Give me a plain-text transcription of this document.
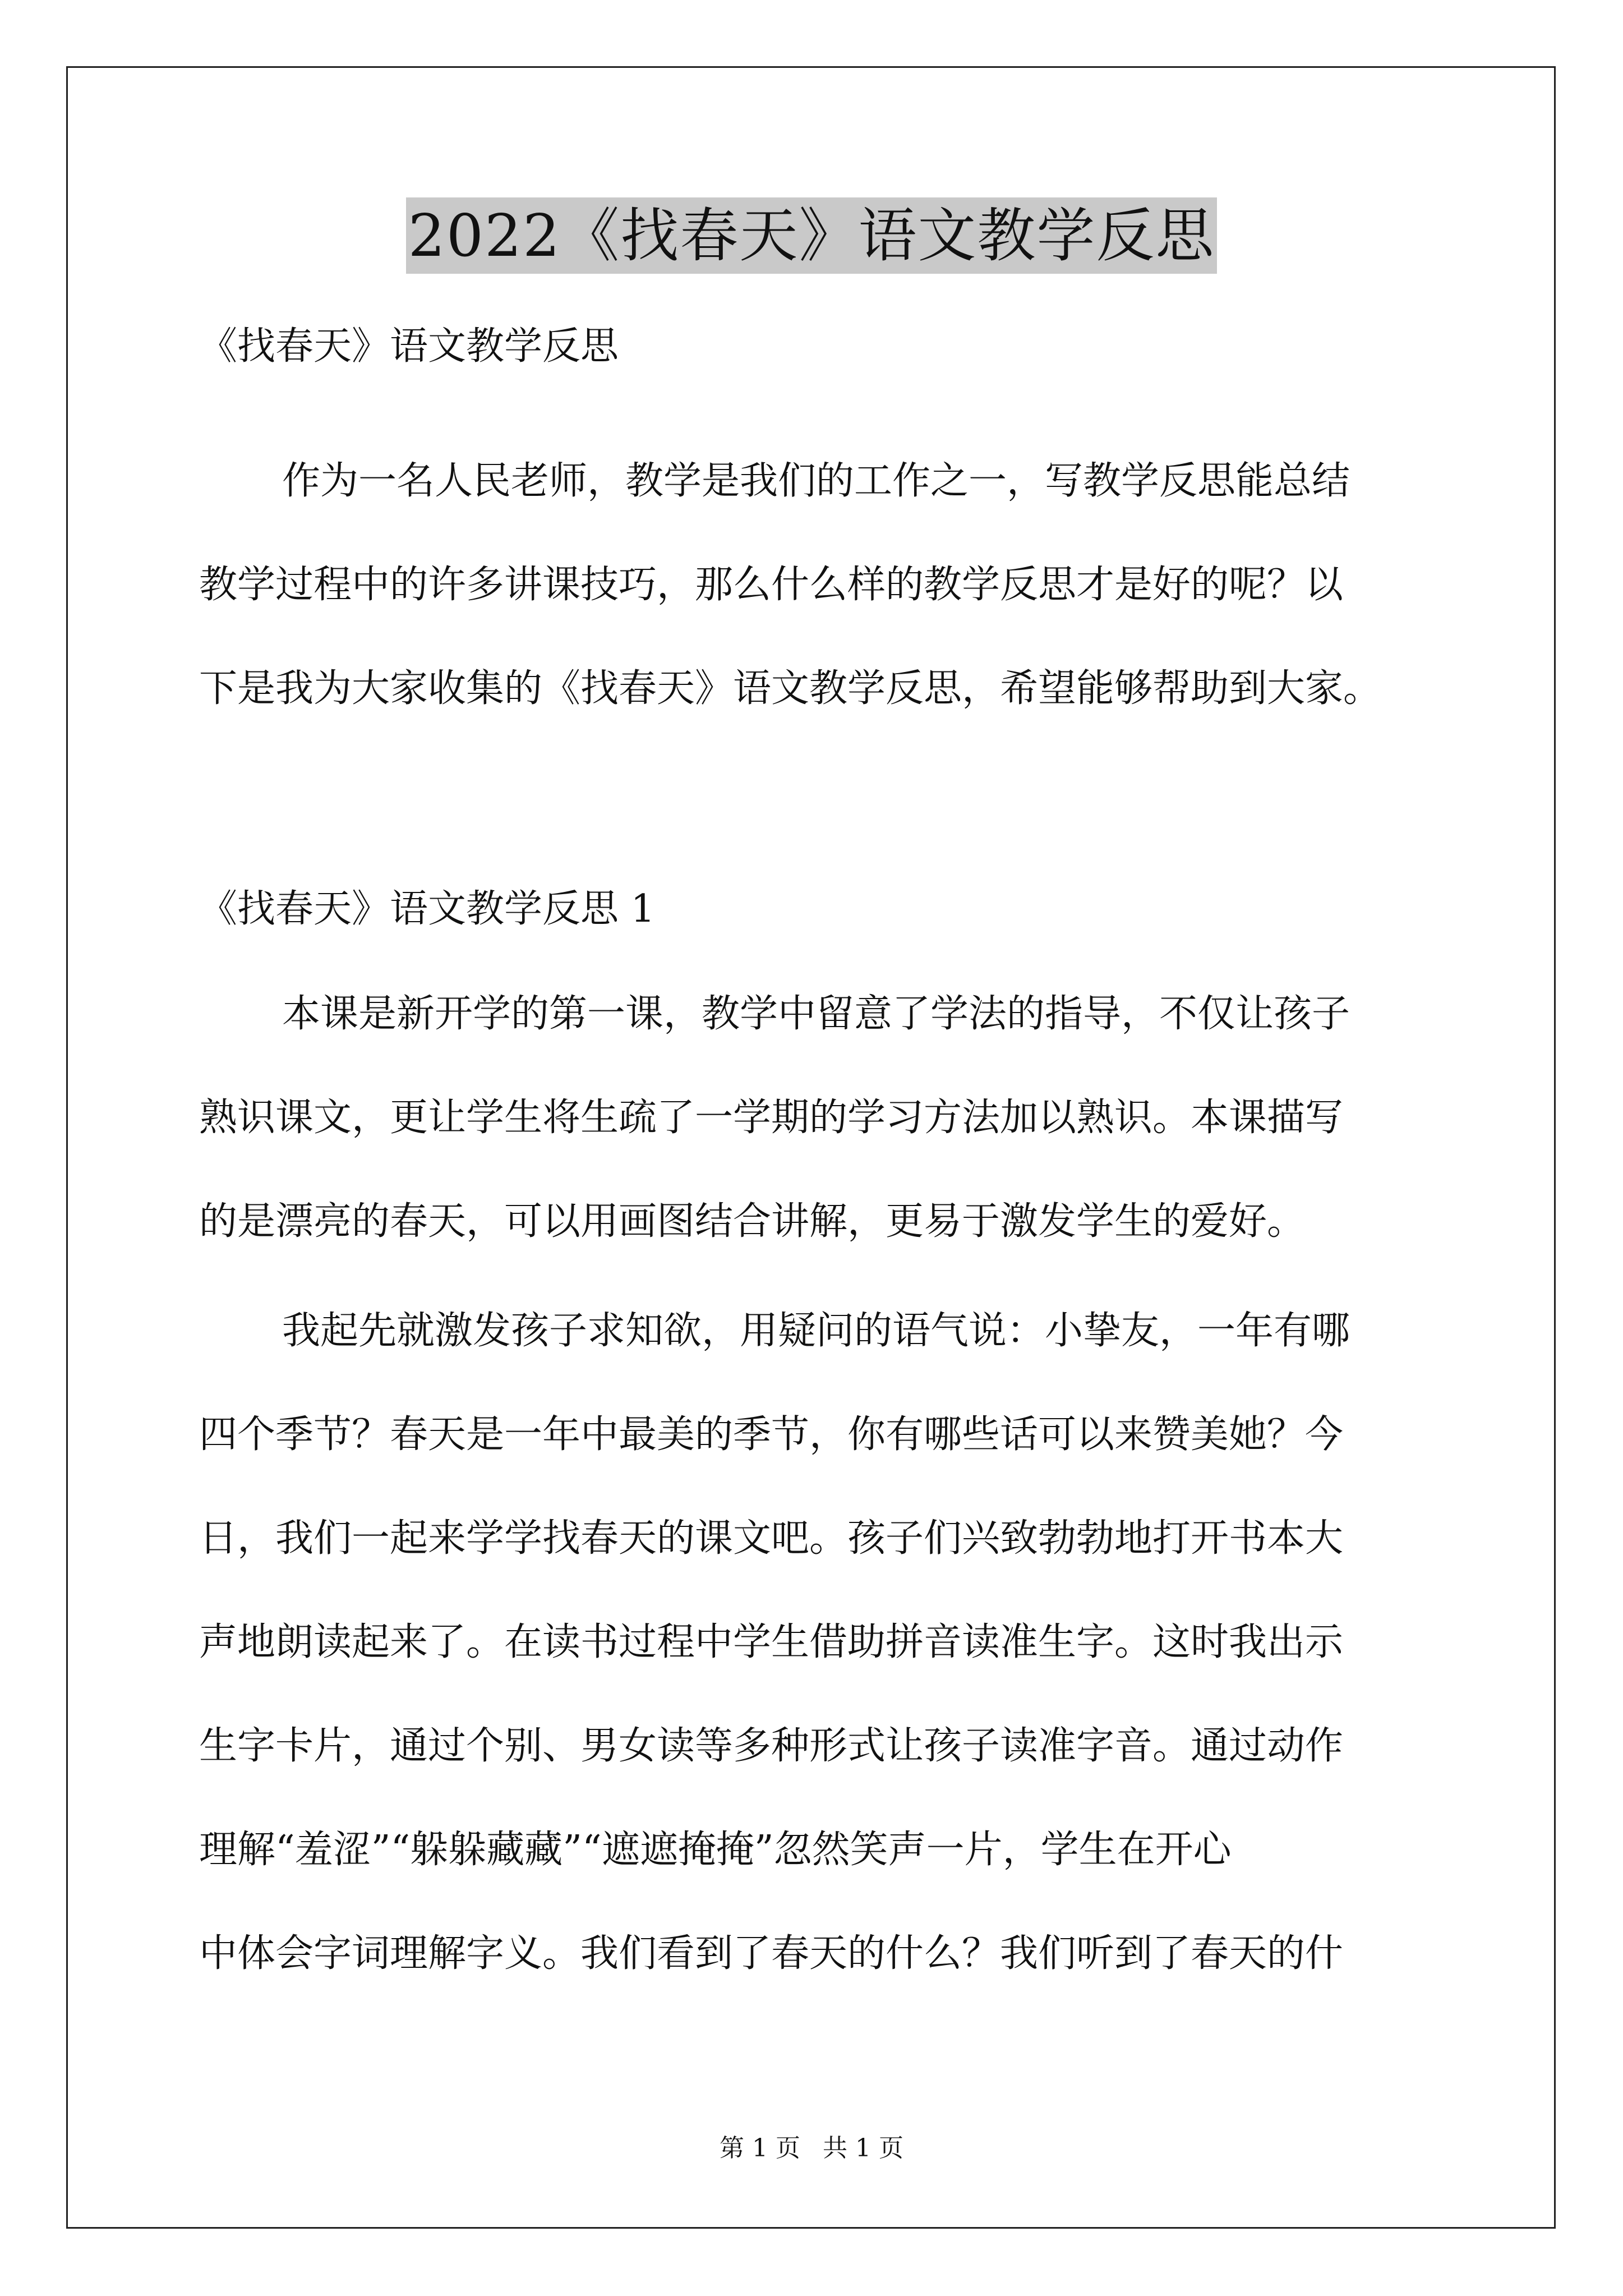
2022《找春天》语文教学反思

《找春天》语文教学反思

作为一名人民老师，教学是我们的工作之一，写教学反思能总结

教学过程中的许多讲课技巧，那么什么样的教学反思才是好的呢？以

下是我为大家收集的《找春天》语文教学反思，希望能够帮助到大家。

《找春天》语文教学反思 1

本课是新开学的第一课，教学中留意了学法的指导，不仅让孩子

熟识课文，更让学生将生疏了一学期的学习方法加以熟识。本课描写

的是漂亮的春天，可以用画图结合讲解，更易于激发学生的爱好。

我起先就激发孩子求知欲，用疑问的语气说：小挚友，一年有哪

四个季节？春天是一年中最美的季节，你有哪些话可以来赞美她？今

日，我们一起来学学找春天的课文吧。孩子们兴致勃勃地打开书本大

声地朗读起来了。在读书过程中学生借助拼音读准生字。这时我出示

生字卡片，通过个别、男女读等多种形式让孩子读准字音。通过动作

理解“羞涩”“躲躲藏藏”“遮遮掩掩”忽然笑声一片，学生在开心

中体会字词理解字义。我们看到了春天的什么？我们听到了春天的什

第 1 页 共 1 页
